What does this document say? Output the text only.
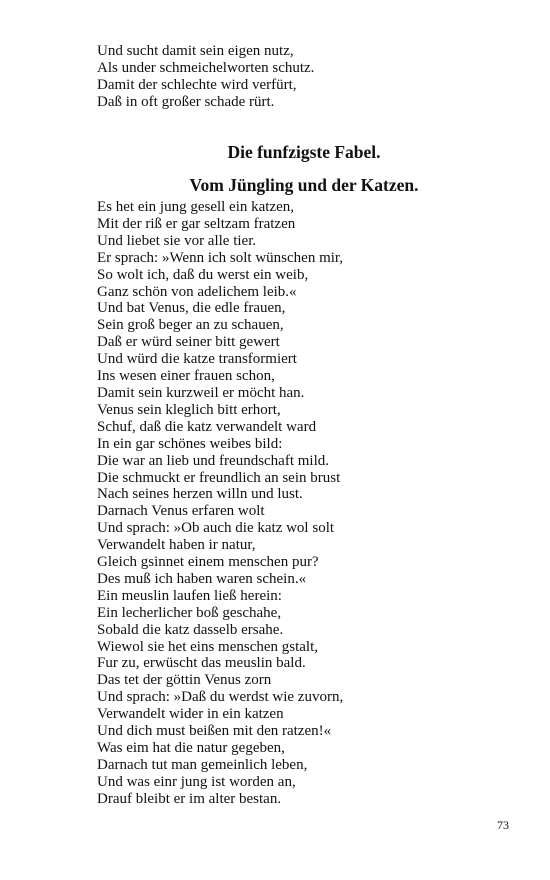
Und sucht damit sein eigen nutz,
Als under schmeichelworten schutz.
Damit der schlechte wird verfürt,
Daß in oft großer schade rürt.
Die funfzigste Fabel.
Vom Jüngling und der Katzen.
Es het ein jung gesell ein katzen,
Mit der riß er gar seltzam fratzen
Und liebet sie vor alle tier.
Er sprach: »Wenn ich solt wünschen mir,
So wolt ich, daß du werst ein weib,
Ganz schön von adelichem leib.«
Und bat Venus, die edle frauen,
Sein groß beger an zu schauen,
Daß er würd seiner bitt gewert
Und würd die katze transformiert
Ins wesen einer frauen schon,
Damit sein kurzweil er möcht han.
Venus sein kleglich bitt erhort,
Schuf, daß die katz verwandelt ward
In ein gar schönes weibes bild:
Die war an lieb und freundschaft mild.
Die schmuckt er freundlich an sein brust
Nach seines herzen willn und lust.
Darnach Venus erfaren wolt
Und sprach: »Ob auch die katz wol solt
Verwandelt haben ir natur,
Gleich gsinnet einem menschen pur?
Des muß ich haben waren schein.«
Ein meuslin laufen ließ herein:
Ein lecherlicher boß geschahe,
Sobald die katz dasselb ersahe.
Wiewol sie het eins menschen gstalt,
Fur zu, erwüscht das meuslin bald.
Das tet der göttin Venus zorn
Und sprach: »Daß du werdst wie zuvorn,
Verwandelt wider in ein katzen
Und dich must beißen mit den ratzen!«
Was eim hat die natur gegeben,
Darnach tut man gemeinlich leben,
Und was einr jung ist worden an,
Drauf bleibt er im alter bestan.
73
